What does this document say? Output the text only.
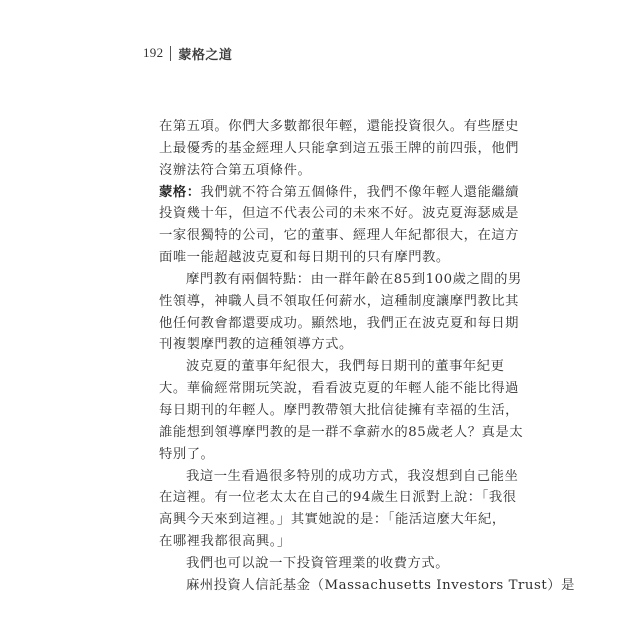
192 蒙格之道
在第五項。你們大多數都很年輕，還能投資很久。有些歷史
上最優秀的基金經理人只能拿到這五張王牌的前四張，他們
沒辦法符合第五項條件。
蒙格：我們就不符合第五個條件，我們不像年輕人還能繼續
投資幾十年，但這不代表公司的未來不好。波克夏海瑟威是
一家很獨特的公司，它的董事、經理人年紀都很大，在這方
面唯一能超越波克夏和每日期刊的只有摩門教。
摩門教有兩個特點：由一群年齡在85到100歲之間的男
性領導，神職人員不領取任何薪水，這種制度讓摩門教比其
他任何教會都還要成功。顯然地，我們正在波克夏和每日期
刊複製摩門教的這種領導方式。
波克夏的董事年紀很大，我們每日期刊的董事年紀更
大。華倫經常開玩笑說，看看波克夏的年輕人能不能比得過
每日期刊的年輕人。摩門教帶領大批信徒擁有幸福的生活，
誰能想到領導摩門教的是一群不拿薪水的85歲老人？真是太
特別了。
我這一生看過很多特別的成功方式，我沒想到自己能坐
在這裡。有一位老太太在自己的94歲生日派對上說：「我很
高興今天來到這裡。」其實她說的是：「能活這麼大年紀，
在哪裡我都很高興。」
我們也可以說一下投資管理業的收費方式。
麻州投資人信託基金（Massachusetts Investors Trust）是
